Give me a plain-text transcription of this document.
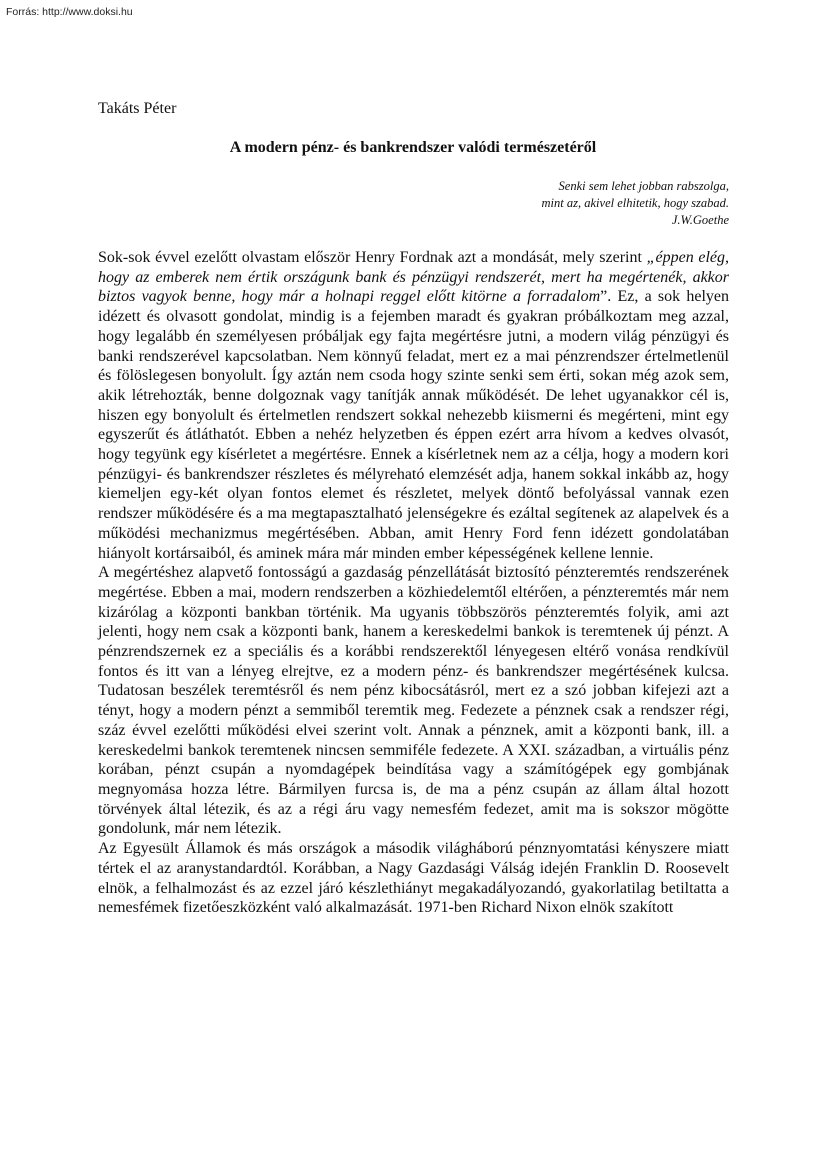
Forrás: http://www.doksi.hu
Takáts Péter
A modern pénz- és bankrendszer valódi természetéről
Senki sem lehet jobban rabszolga,
mint az, akivel elhitetik, hogy szabad.
J.W.Goethe

Sok-sok évvel ezelőtt olvastam először Henry Fordnak azt a mondását, mely szerint „éppen elég, hogy az emberek nem értik országunk bank és pénzügyi rendszerét, mert ha megértenék, akkor biztos vagyok benne, hogy már a holnapi reggel előtt kitörne a forradalom”. Ez, a sok helyen idézett és olvasott gondolat, mindig is a fejemben maradt és gyakran próbálkoztam meg azzal, hogy legalább én személyesen próbáljak egy fajta megértésre jutni, a modern világ pénzügyi és banki rendszerével kapcsolatban. Nem könnyű feladat, mert ez a mai pénzrendszer értelmetlenül és fölöslegesen bonyolult. Így aztán nem csoda hogy szinte senki sem érti, sokan még azok sem, akik létrehozták, benne dolgoznak vagy tanítják annak működését. De lehet ugyanakkor cél is, hiszen egy bonyolult és értelmetlen rendszert sokkal nehezebb kiismerni és megérteni, mint egy egyszerűt és átláthatót. Ebben a nehéz helyzetben és éppen ezért arra hívom a kedves olvasót, hogy tegyünk egy kísérletet a megértésre. Ennek a kísérletnek nem az a célja, hogy a modern kori pénzügyi- és bankrendszer részletes és mélyreható elemzését adja, hanem sokkal inkább az, hogy kiemeljen egy-két olyan fontos elemet és részletet, melyek döntő befolyással vannak ezen rendszer működésére és a ma megtapasztalható jelenségekre és ezáltal segítenek az alapelvek és a működési mechanizmus megértésében. Abban, amit Henry Ford fenn idézett gondolatában hiányolt kortársaiból, és aminek mára már minden ember képességének kellene lennie.

A megértéshez alapvető fontosságú a gazdaság pénzellátását biztosító pénzteremtés rendszerének megértése. Ebben a mai, modern rendszerben a közhiedelemtől eltérően, a pénzteremtés már nem kizárólag a központi bankban történik. Ma ugyanis többszörös pénzteremtés folyik, ami azt jelenti, hogy nem csak a központi bank, hanem a kereskedelmi bankok is teremtenek új pénzt. A pénzrendszernek ez a speciális és a korábbi rendszerektől lényegesen eltérő vonása rendkívül fontos és itt van a lényeg elrejtve, ez a modern pénz- és bankrendszer megértésének kulcsa. Tudatosan beszélek teremtésről és nem pénz kibocsátásról, mert ez a szó jobban kifejezi azt a tényt, hogy a modern pénzt a semmiből teremtik meg. Fedezete a pénznek csak a rendszer régi, száz évvel ezelőtti működési elvei szerint volt. Annak a pénznek, amit a központi bank, ill. a kereskedelmi bankok teremtenek nincsen semmiféle fedezete. A XXI. században, a virtuális pénz korában, pénzt csupán a nyomdagépek beindítása vagy a számítógépek egy gombjának megnyomása hozza létre. Bármilyen furcsa is, de ma a pénz csupán az állam által hozott törvények által létezik, és az a régi áru vagy nemesfém fedezet, amit ma is sokszor mögötte gondolunk, már nem létezik.

Az Egyesült Államok és más országok a második világháború pénznyomtatási kényszere miatt tértek el az aranystandardtól. Korábban, a Nagy Gazdasági Válság idején Franklin D. Roosevelt elnök, a felhalmozást és az ezzel járó készlethiányt megakadályozandó, gyakorlatilag betiltatta a nemesfémek fizetőeszközként való alkalmazását. 1971-ben Richard Nixon elnök szakított
